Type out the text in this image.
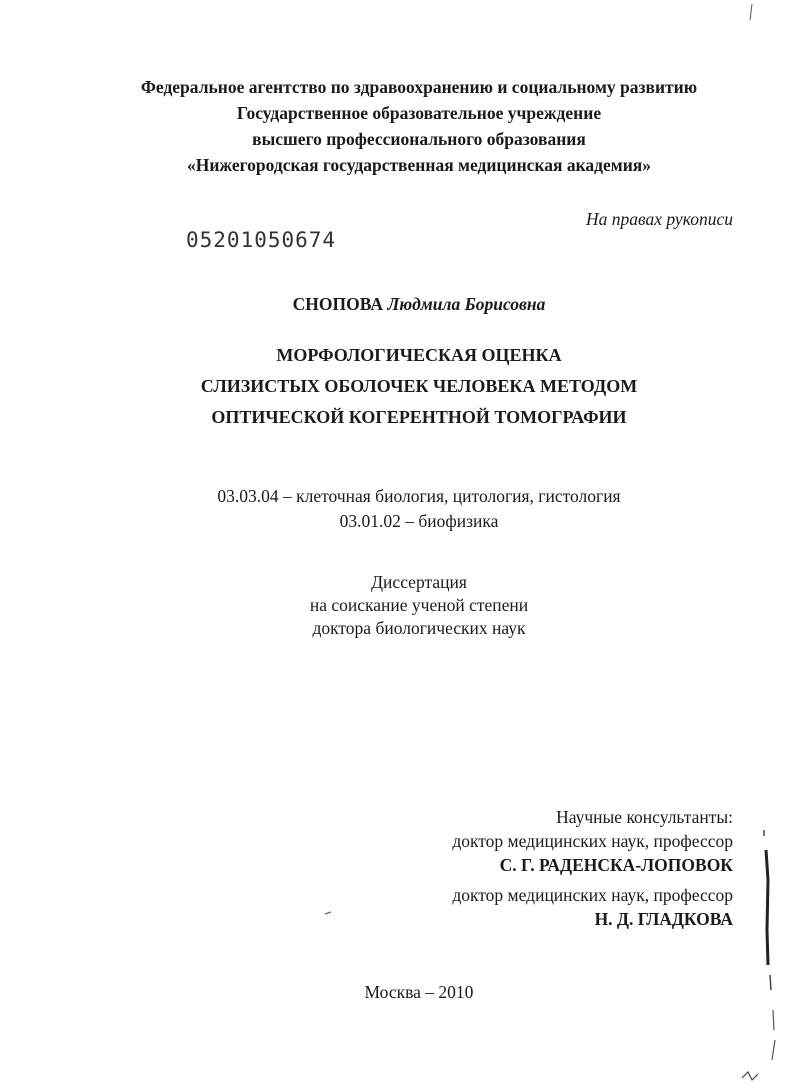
Федеральное агентство по здравоохранению и социальному развитию
Государственное образовательное учреждение
высшего профессионального образования
«Нижегородская государственная медицинская академия»
На правах рукописи
05201050674
СНОПОВА Людмила Борисовна
МОРФОЛОГИЧЕСКАЯ ОЦЕНКА
СЛИЗИСТЫХ ОБОЛОЧЕК ЧЕЛОВЕКА МЕТОДОМ
ОПТИЧЕСКОЙ КОГЕРЕНТНОЙ ТОМОГРАФИИ
03.03.04 – клеточная биология, цитология, гистология
03.01.02 – биофизика
Диссертация
на соискание ученой степени
доктора биологических наук
Научные консультанты:
доктор медицинских наук, профессор
С. Г. РАДЕНСКА-ЛОПОВОК
доктор медицинских наук, профессор
Н. Д. ГЛАДКОВА
Москва – 2010
